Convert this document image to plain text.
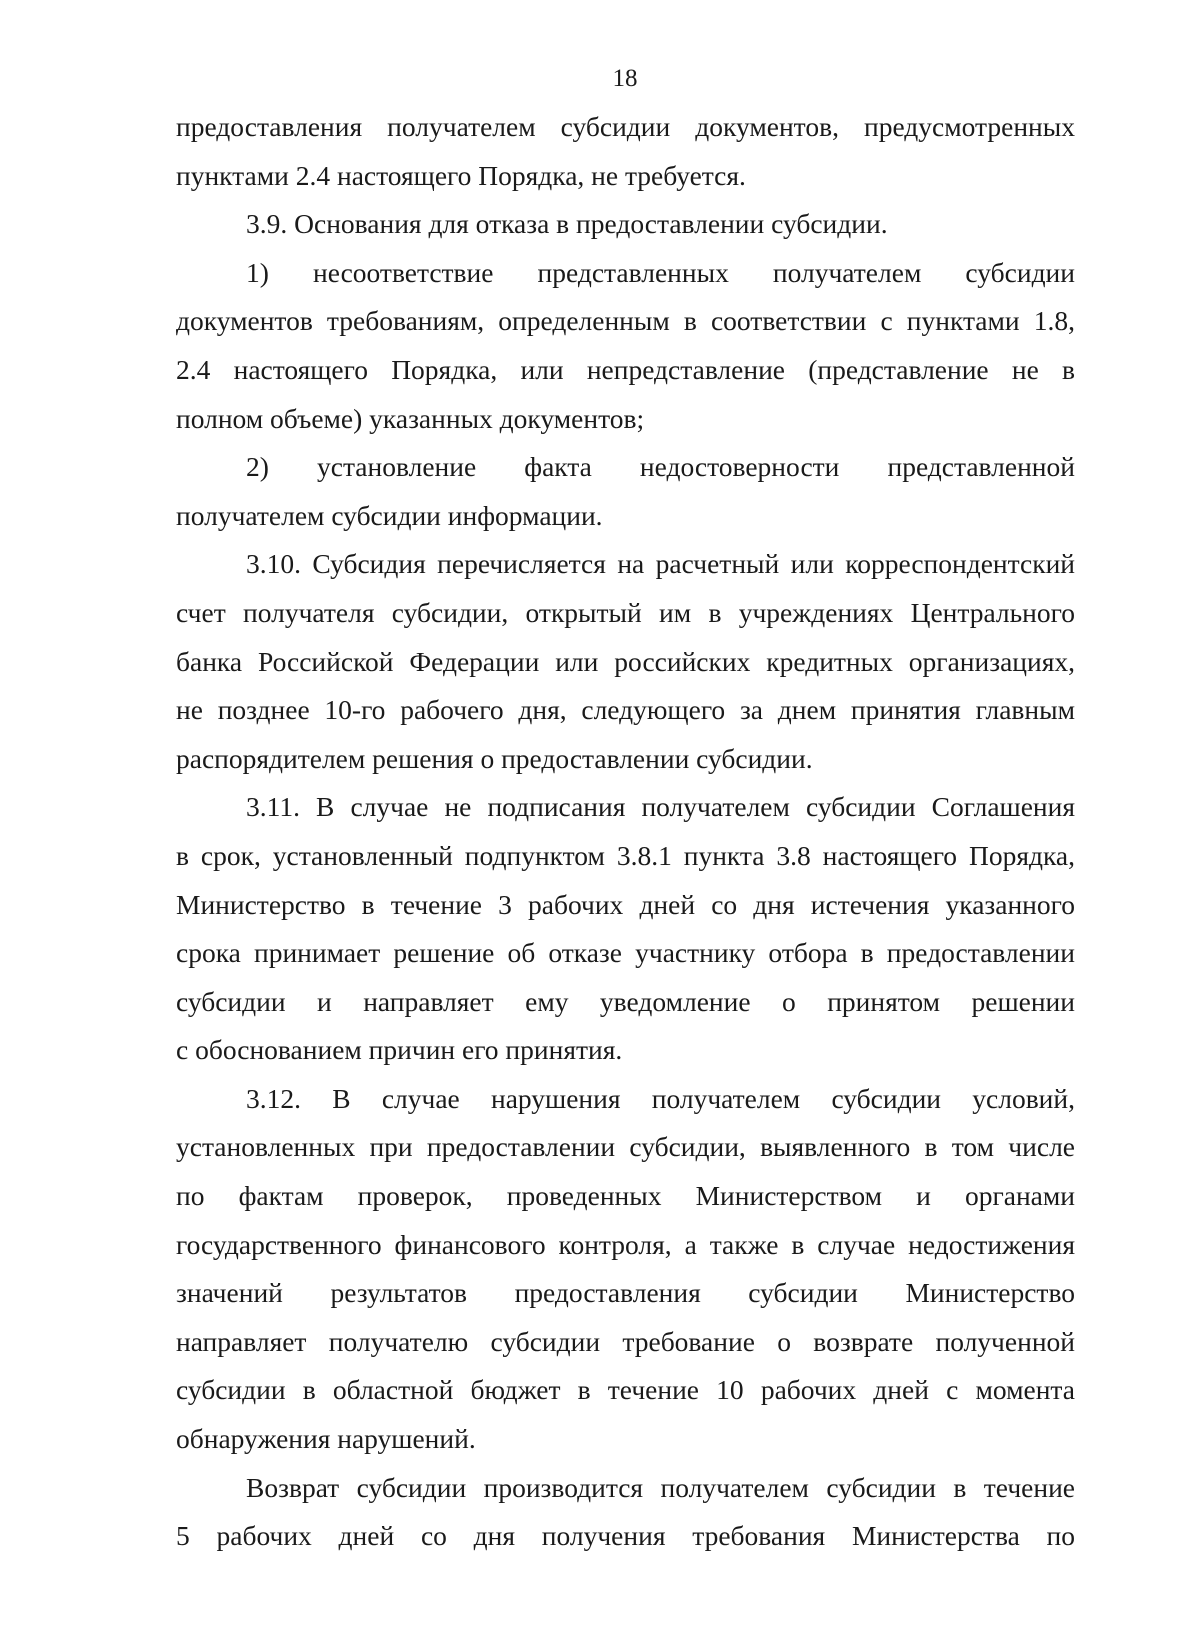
18
предоставления получателем субсидии документов, предусмотренных
пунктами 2.4 настоящего Порядка, не требуется.
3.9. Основания для отказа в предоставлении субсидии.
1) несоответствие представленных получателем субсидии
документов требованиям, определенным в соответствии с пунктами 1.8,
2.4 настоящего Порядка, или непредставление (представление не в
полном объеме) указанных документов;
2) установление факта недостоверности представленной
получателем субсидии информации.
3.10. Субсидия перечисляется на расчетный или корреспондентский
счет получателя субсидии, открытый им в учреждениях Центрального
банка Российской Федерации или российских кредитных организациях,
не позднее 10-го рабочего дня, следующего за днем принятия главным
распорядителем решения о предоставлении субсидии.
3.11. В случае не подписания получателем субсидии Соглашения
в срок, установленный подпунктом 3.8.1 пункта 3.8 настоящего Порядка,
Министерство в течение 3 рабочих дней со дня истечения указанного
срока принимает решение об отказе участнику отбора в предоставлении
субсидии и направляет ему уведомление о принятом решении
с обоснованием причин его принятия.
3.12. В случае нарушения получателем субсидии условий,
установленных при предоставлении субсидии, выявленного в том числе
по фактам проверок, проведенных Министерством и органами
государственного финансового контроля, а также в случае недостижения
значений результатов предоставления субсидии Министерство
направляет получателю субсидии требование о возврате полученной
субсидии в областной бюджет в течение 10 рабочих дней с момента
обнаружения нарушений.
Возврат субсидии производится получателем субсидии в течение
5 рабочих дней со дня получения требования Министерства по
